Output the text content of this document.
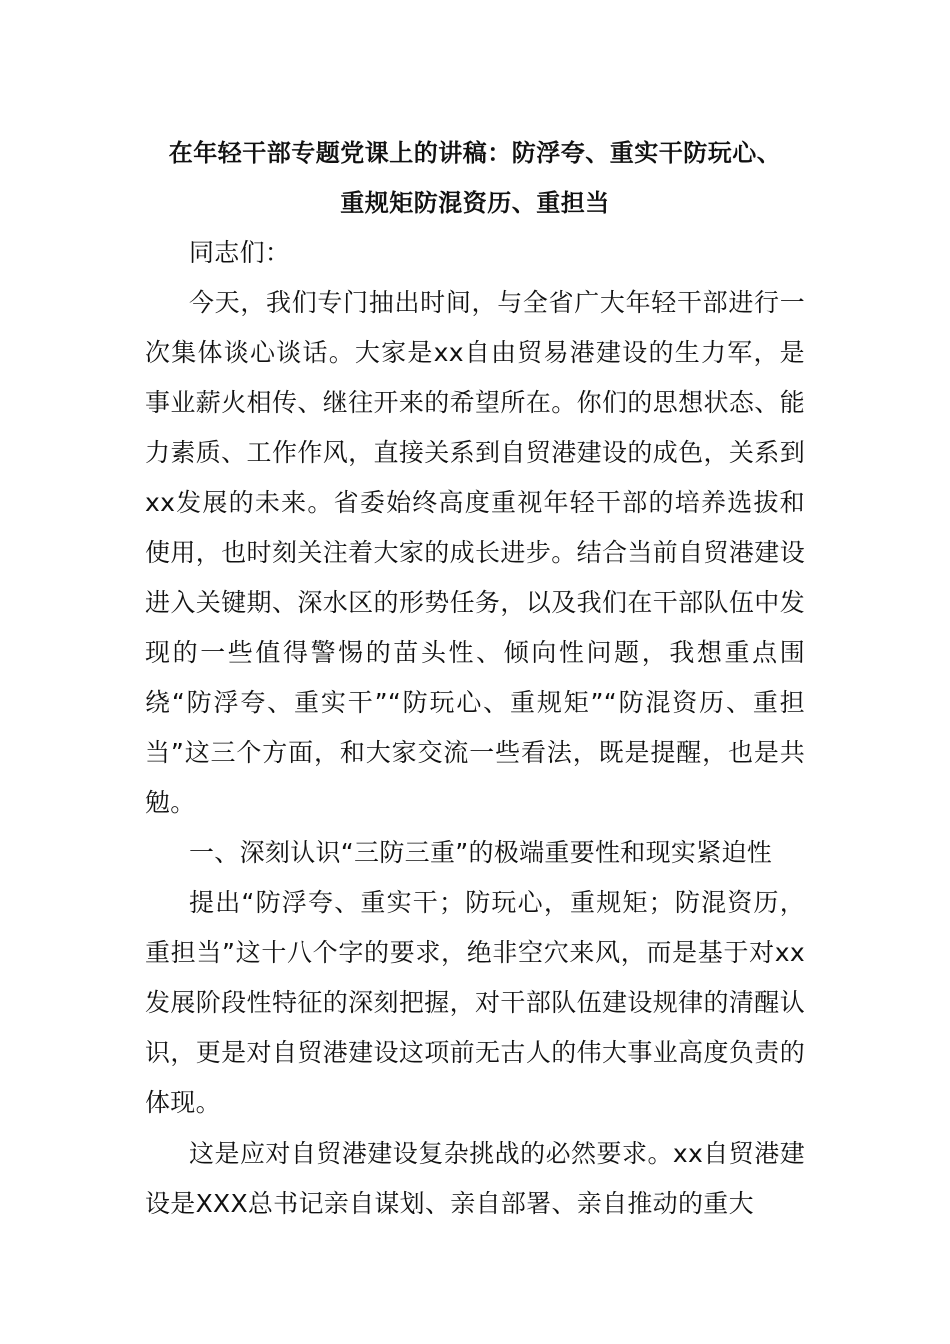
在年轻干部专题党课上的讲稿：防浮夸、重实干防玩心、
重规矩防混资历、重担当

同志们：

今天，我们专门抽出时间，与全省广大年轻干部进行一次集体谈心谈话。大家是xx自由贸易港建设的生力军，是事业薪火相传、继往开来的希望所在。你们的思想状态、能力素质、工作作风，直接关系到自贸港建设的成色，关系到xx发展的未来。省委始终高度重视年轻干部的培养选拔和使用，也时刻关注着大家的成长进步。结合当前自贸港建设进入关键期、深水区的形势任务，以及我们在干部队伍中发现的一些值得警惕的苗头性、倾向性问题，我想重点围绕“防浮夸、重实干”“防玩心、重规矩”“防混资历、重担当”这三个方面，和大家交流一些看法，既是提醒，也是共勉。

一、深刻认识“三防三重”的极端重要性和现实紧迫性

提出“防浮夸、重实干；防玩心，重规矩；防混资历，重担当”这十八个字的要求，绝非空穴来风，而是基于对xx发展阶段性特征的深刻把握，对干部队伍建设规律的清醒认识，更是对自贸港建设这项前无古人的伟大事业高度负责的体现。

这是应对自贸港建设复杂挑战的必然要求。xx自贸港建设是XXX总书记亲自谋划、亲自部署、亲自推动的重大
